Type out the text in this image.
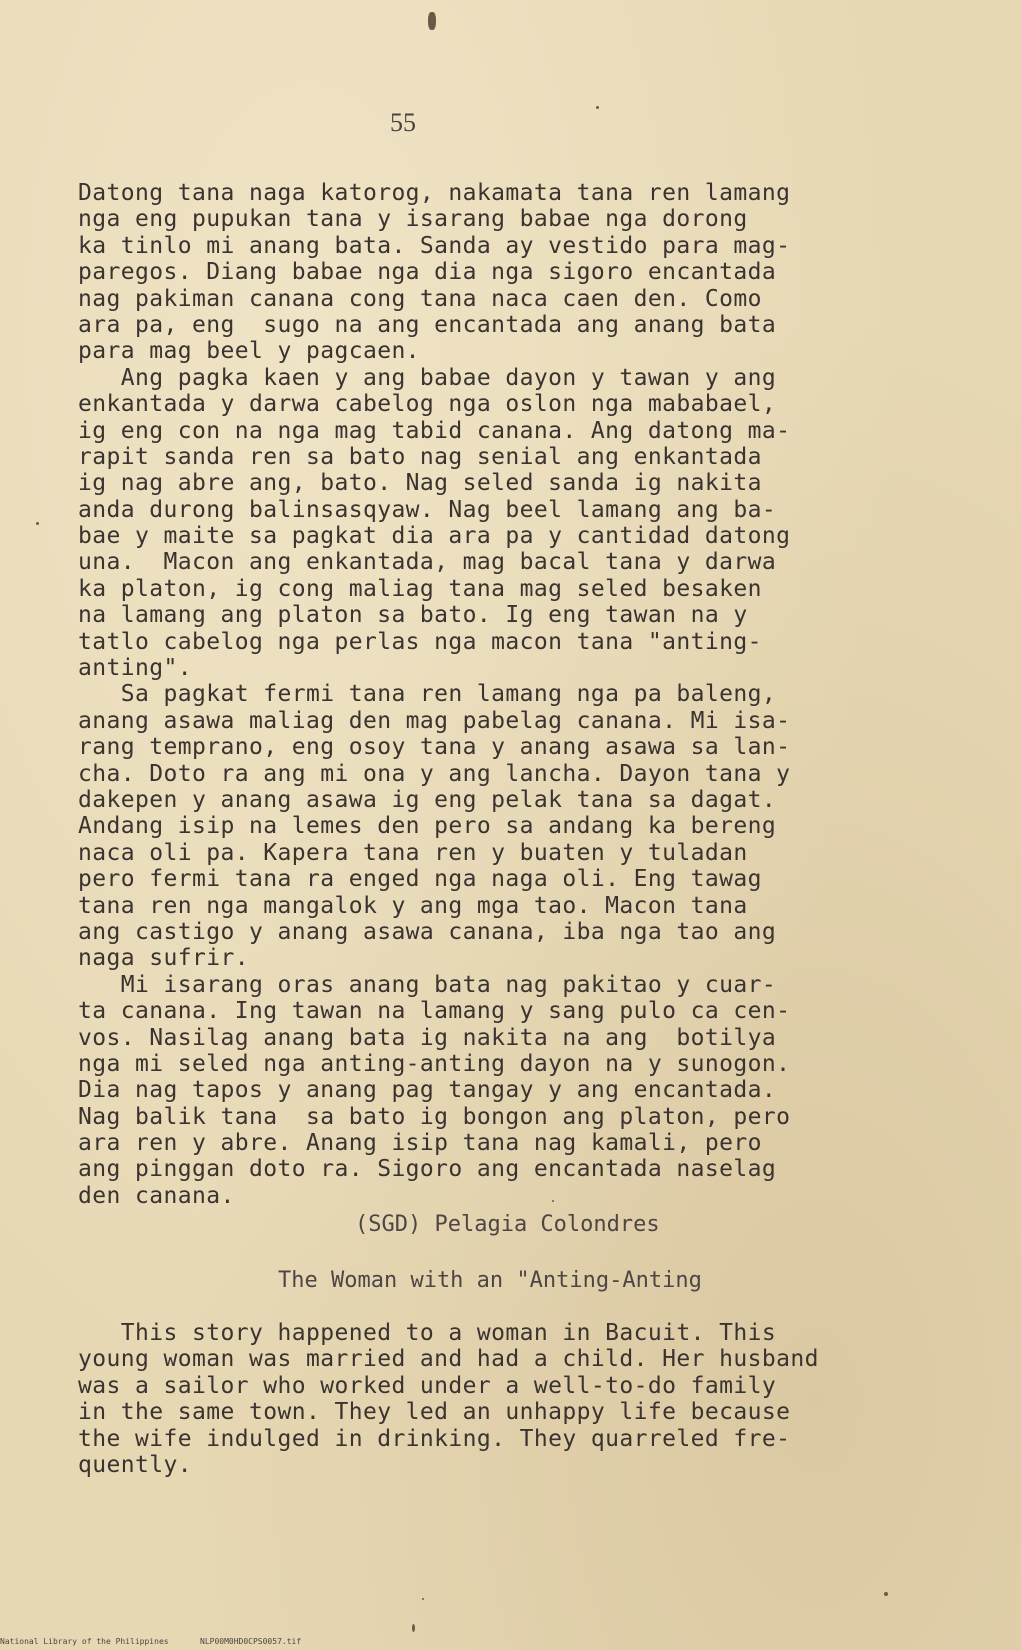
55
Datong tana naga katorog, nakamata tana ren lamang
nga eng pupukan tana y isarang babae nga dorong
ka tinlo mi anang bata. Sanda ay vestido para mag-
paregos. Diang babae nga dia nga sigoro encantada
nag pakiman canana cong tana naca caen den. Como
ara pa, eng  sugo na ang encantada ang anang bata
para mag beel y pagcaen.
Ang pagka kaen y ang babae dayon y tawan y ang
enkantada y darwa cabelog nga oslon nga mababael,
ig eng con na nga mag tabid canana. Ang datong ma-
rapit sanda ren sa bato nag senial ang enkantada
ig nag abre ang, bato. Nag seled sanda ig nakita
anda durong balinsasqyaw. Nag beel lamang ang ba-
bae y maite sa pagkat dia ara pa y cantidad datong
una.  Macon ang enkantada, mag bacal tana y darwa
ka platon, ig cong maliag tana mag seled besaken
na lamang ang platon sa bato. Ig eng tawan na y
tatlo cabelog nga perlas nga macon tana "anting-
anting".
Sa pagkat fermi tana ren lamang nga pa baleng,
anang asawa maliag den mag pabelag canana. Mi isa-
rang temprano, eng osoy tana y anang asawa sa lan-
cha. Doto ra ang mi ona y ang lancha. Dayon tana y
dakepen y anang asawa ig eng pelak tana sa dagat.
Andang isip na lemes den pero sa andang ka bereng
naca oli pa. Kapera tana ren y buaten y tuladan
pero fermi tana ra enged nga naga oli. Eng tawag
tana ren nga mangalok y ang mga tao. Macon tana
ang castigo y anang asawa canana, iba nga tao ang
naga sufrir.
Mi isarang oras anang bata nag pakitao y cuar-
ta canana. Ing tawan na lamang y sang pulo ca cen-
vos. Nasilag anang bata ig nakita na ang  botilya
nga mi seled nga anting-anting dayon na y sunogon.
Dia nag tapos y anang pag tangay y ang encantada.
Nag balik tana  sa bato ig bongon ang platon, pero
ara ren y abre. Anang isip tana nag kamali, pero
ang pinggan doto ra. Sigoro ang encantada naselag
den canana.
(SGD) Pelagia Colondres
The Woman with an "Anting-Anting
This story happened to a woman in Bacuit. This
young woman was married and had a child. Her husband
was a sailor who worked under a well-to-do family
in the same town. They led an unhappy life because
the wife indulged in drinking. They quarreled fre-
quently.
National Library of the Philippines	NLP00M0HD0CPS0057.tif
